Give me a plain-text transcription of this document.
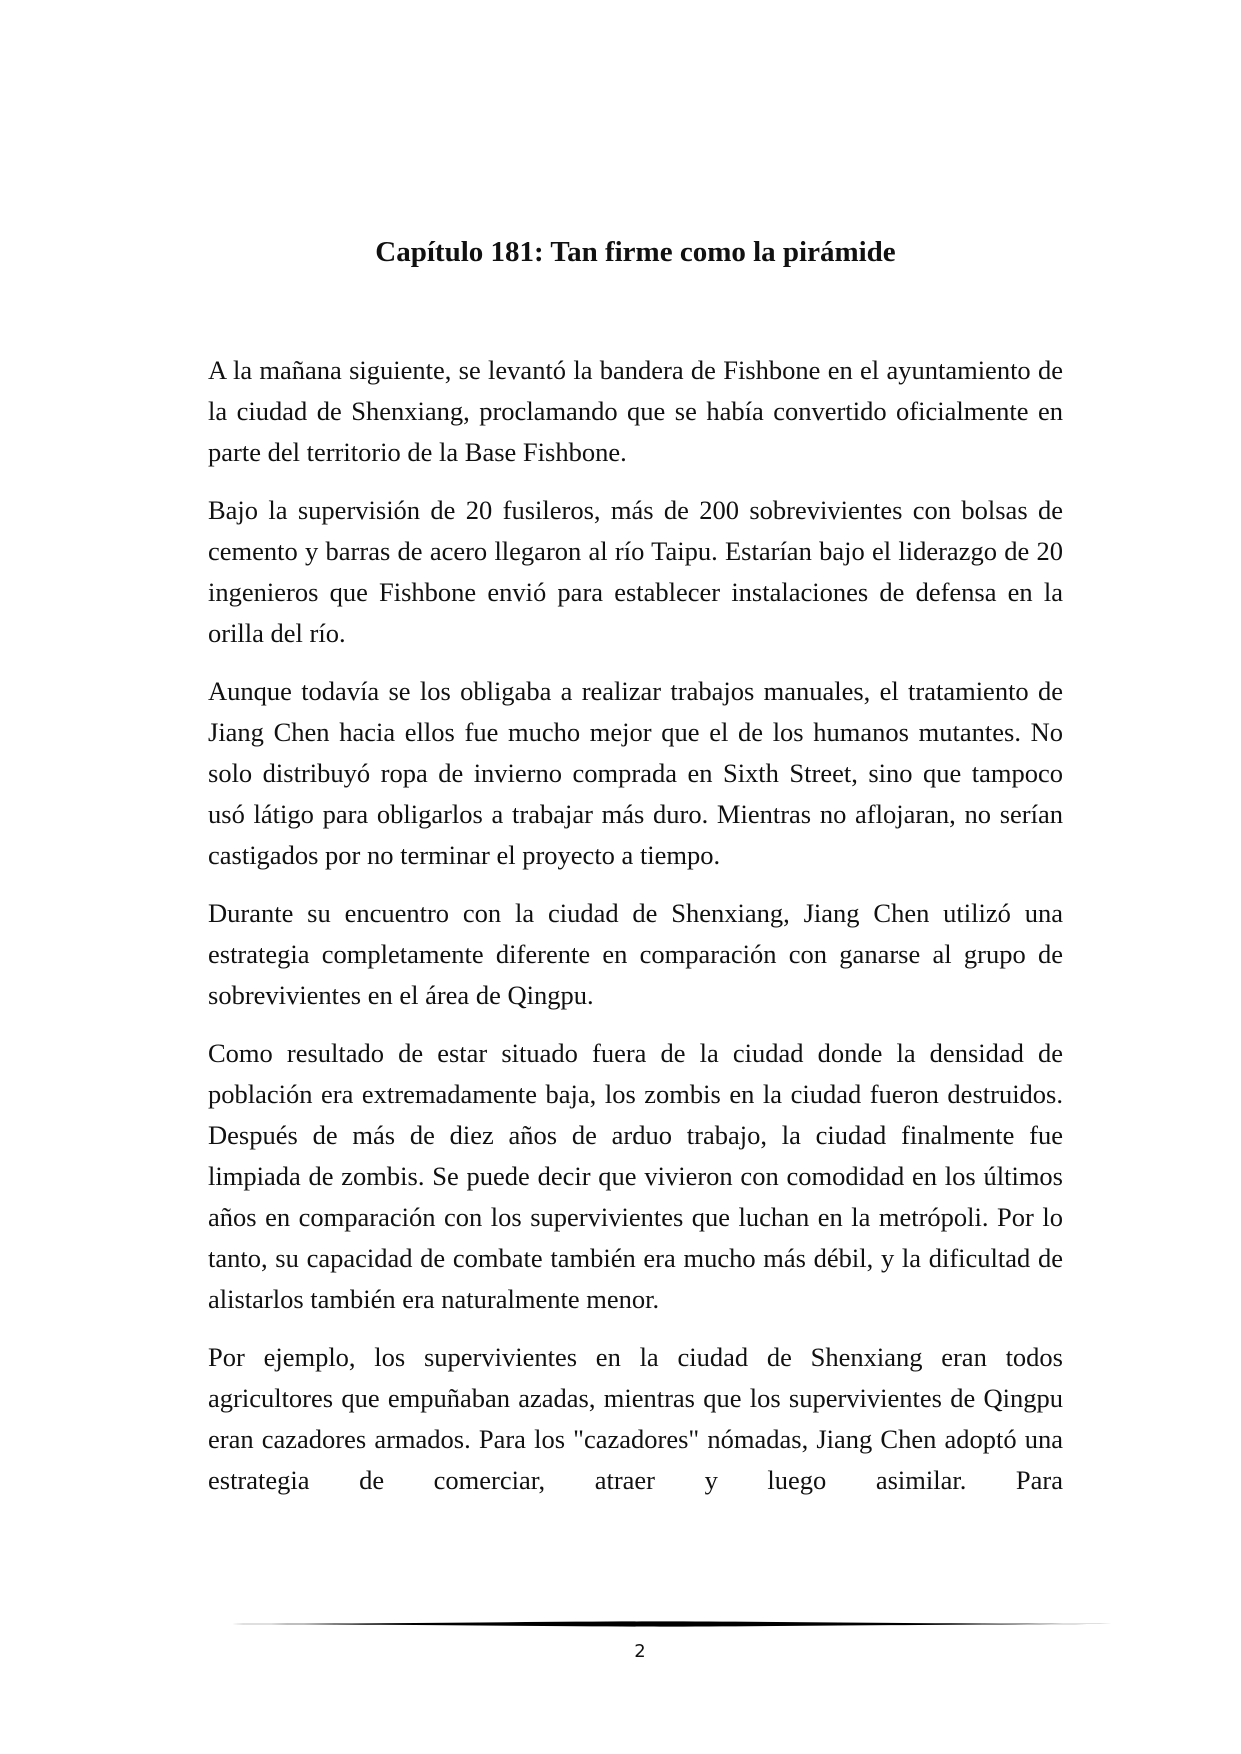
Capítulo 181: Tan firme como la pirámide

A la mañana siguiente, se levantó la bandera de Fishbone en el ayuntamiento de la ciudad de Shenxiang, proclamando que se había convertido oficialmente en parte del territorio de la Base Fishbone.

Bajo la supervisión de 20 fusileros, más de 200 sobrevivientes con bolsas de cemento y barras de acero llegaron al río Taipu. Estarían bajo el liderazgo de 20 ingenieros que Fishbone envió para establecer instalaciones de defensa en la orilla del río.

Aunque todavía se los obligaba a realizar trabajos manuales, el tratamiento de Jiang Chen hacia ellos fue mucho mejor que el de los humanos mutantes. No solo distribuyó ropa de invierno comprada en Sixth Street, sino que tampoco usó látigo para obligarlos a trabajar más duro. Mientras no aflojaran, no serían castigados por no terminar el proyecto a tiempo.

Durante su encuentro con la ciudad de Shenxiang, Jiang Chen utilizó una estrategia completamente diferente en comparación con ganarse al grupo de sobrevivientes en el área de Qingpu.

Como resultado de estar situado fuera de la ciudad donde la densidad de población era extremadamente baja, los zombis en la ciudad fueron destruidos. Después de más de diez años de arduo trabajo, la ciudad finalmente fue limpiada de zombis. Se puede decir que vivieron con comodidad en los últimos años en comparación con los supervivientes que luchan en la metrópoli. Por lo tanto, su capacidad de combate también era mucho más débil, y la dificultad de alistarlos también era naturalmente menor.

Por ejemplo, los supervivientes en la ciudad de Shenxiang eran todos agricultores que empuñaban azadas, mientras que los supervivientes de Qingpu eran cazadores armados. Para los "cazadores" nómadas, Jiang Chen adoptó una estrategia de comerciar, atraer y luego asimilar. Para

2
